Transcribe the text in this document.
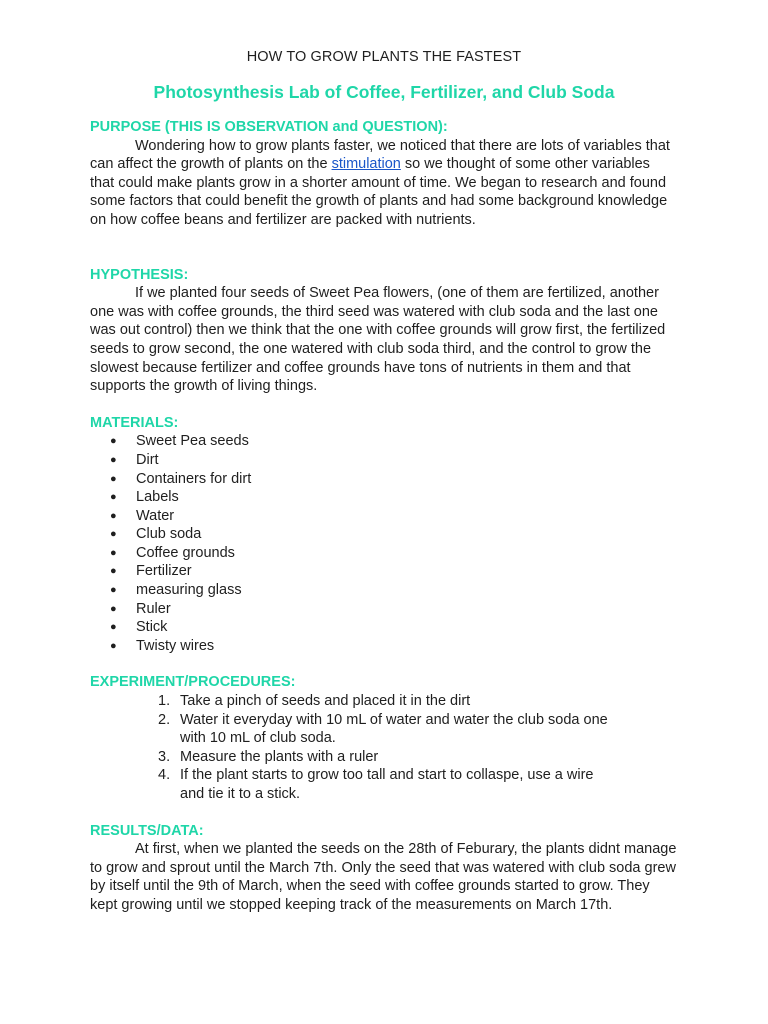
HOW TO GROW PLANTS THE FASTEST

Photosynthesis Lab of Coffee, Fertilizer, and Club Soda

PURPOSE (THIS IS OBSERVATION and QUESTION):

Wondering how to grow plants faster, we noticed that there are lots of variables that can affect the growth of plants on the stimulation so we thought of some other variables that could make plants grow in a shorter amount of time. We began to research and found some factors that could benefit the growth of plants and had some background knowledge on how coffee beans and fertilizer are packed with nutrients.

HYPOTHESIS:

If we planted four seeds of Sweet Pea flowers, (one of them are fertilized, another one was with coffee grounds, the third seed was watered with club soda and the last one was out control) then we think that the one with coffee grounds will grow first, the fertilized seeds to grow second, the one watered with club soda third, and the control to grow the slowest because fertilizer and coffee grounds have tons of nutrients in them and that supports the growth of living things.

MATERIALS:

●	Sweet Pea seeds
●	Dirt
●	Containers for dirt
●	Labels
●	Water
●	Club soda
●	Coffee grounds
●	Fertilizer
●	measuring glass
●	Ruler
●	Stick
●	Twisty wires

EXPERIMENT/PROCEDURES:

1. Take a pinch of seeds and placed it in the dirt
2. Water it everyday with 10 mL of water and water the club soda one with 10 mL of club soda.
3. Measure the plants with a ruler
4. If the plant starts to grow too tall and start to collaspe, use a wire and tie it to a stick.

RESULTS/DATA:

At first, when we planted the seeds on the 28th of Feburary, the plants didnt manage to grow and sprout until the March 7th. Only the seed that was watered with club soda grew by itself until the 9th of March, when the seed with coffee grounds started to grow. They kept growing until we stopped keeping track of the measurements on March 17th.
